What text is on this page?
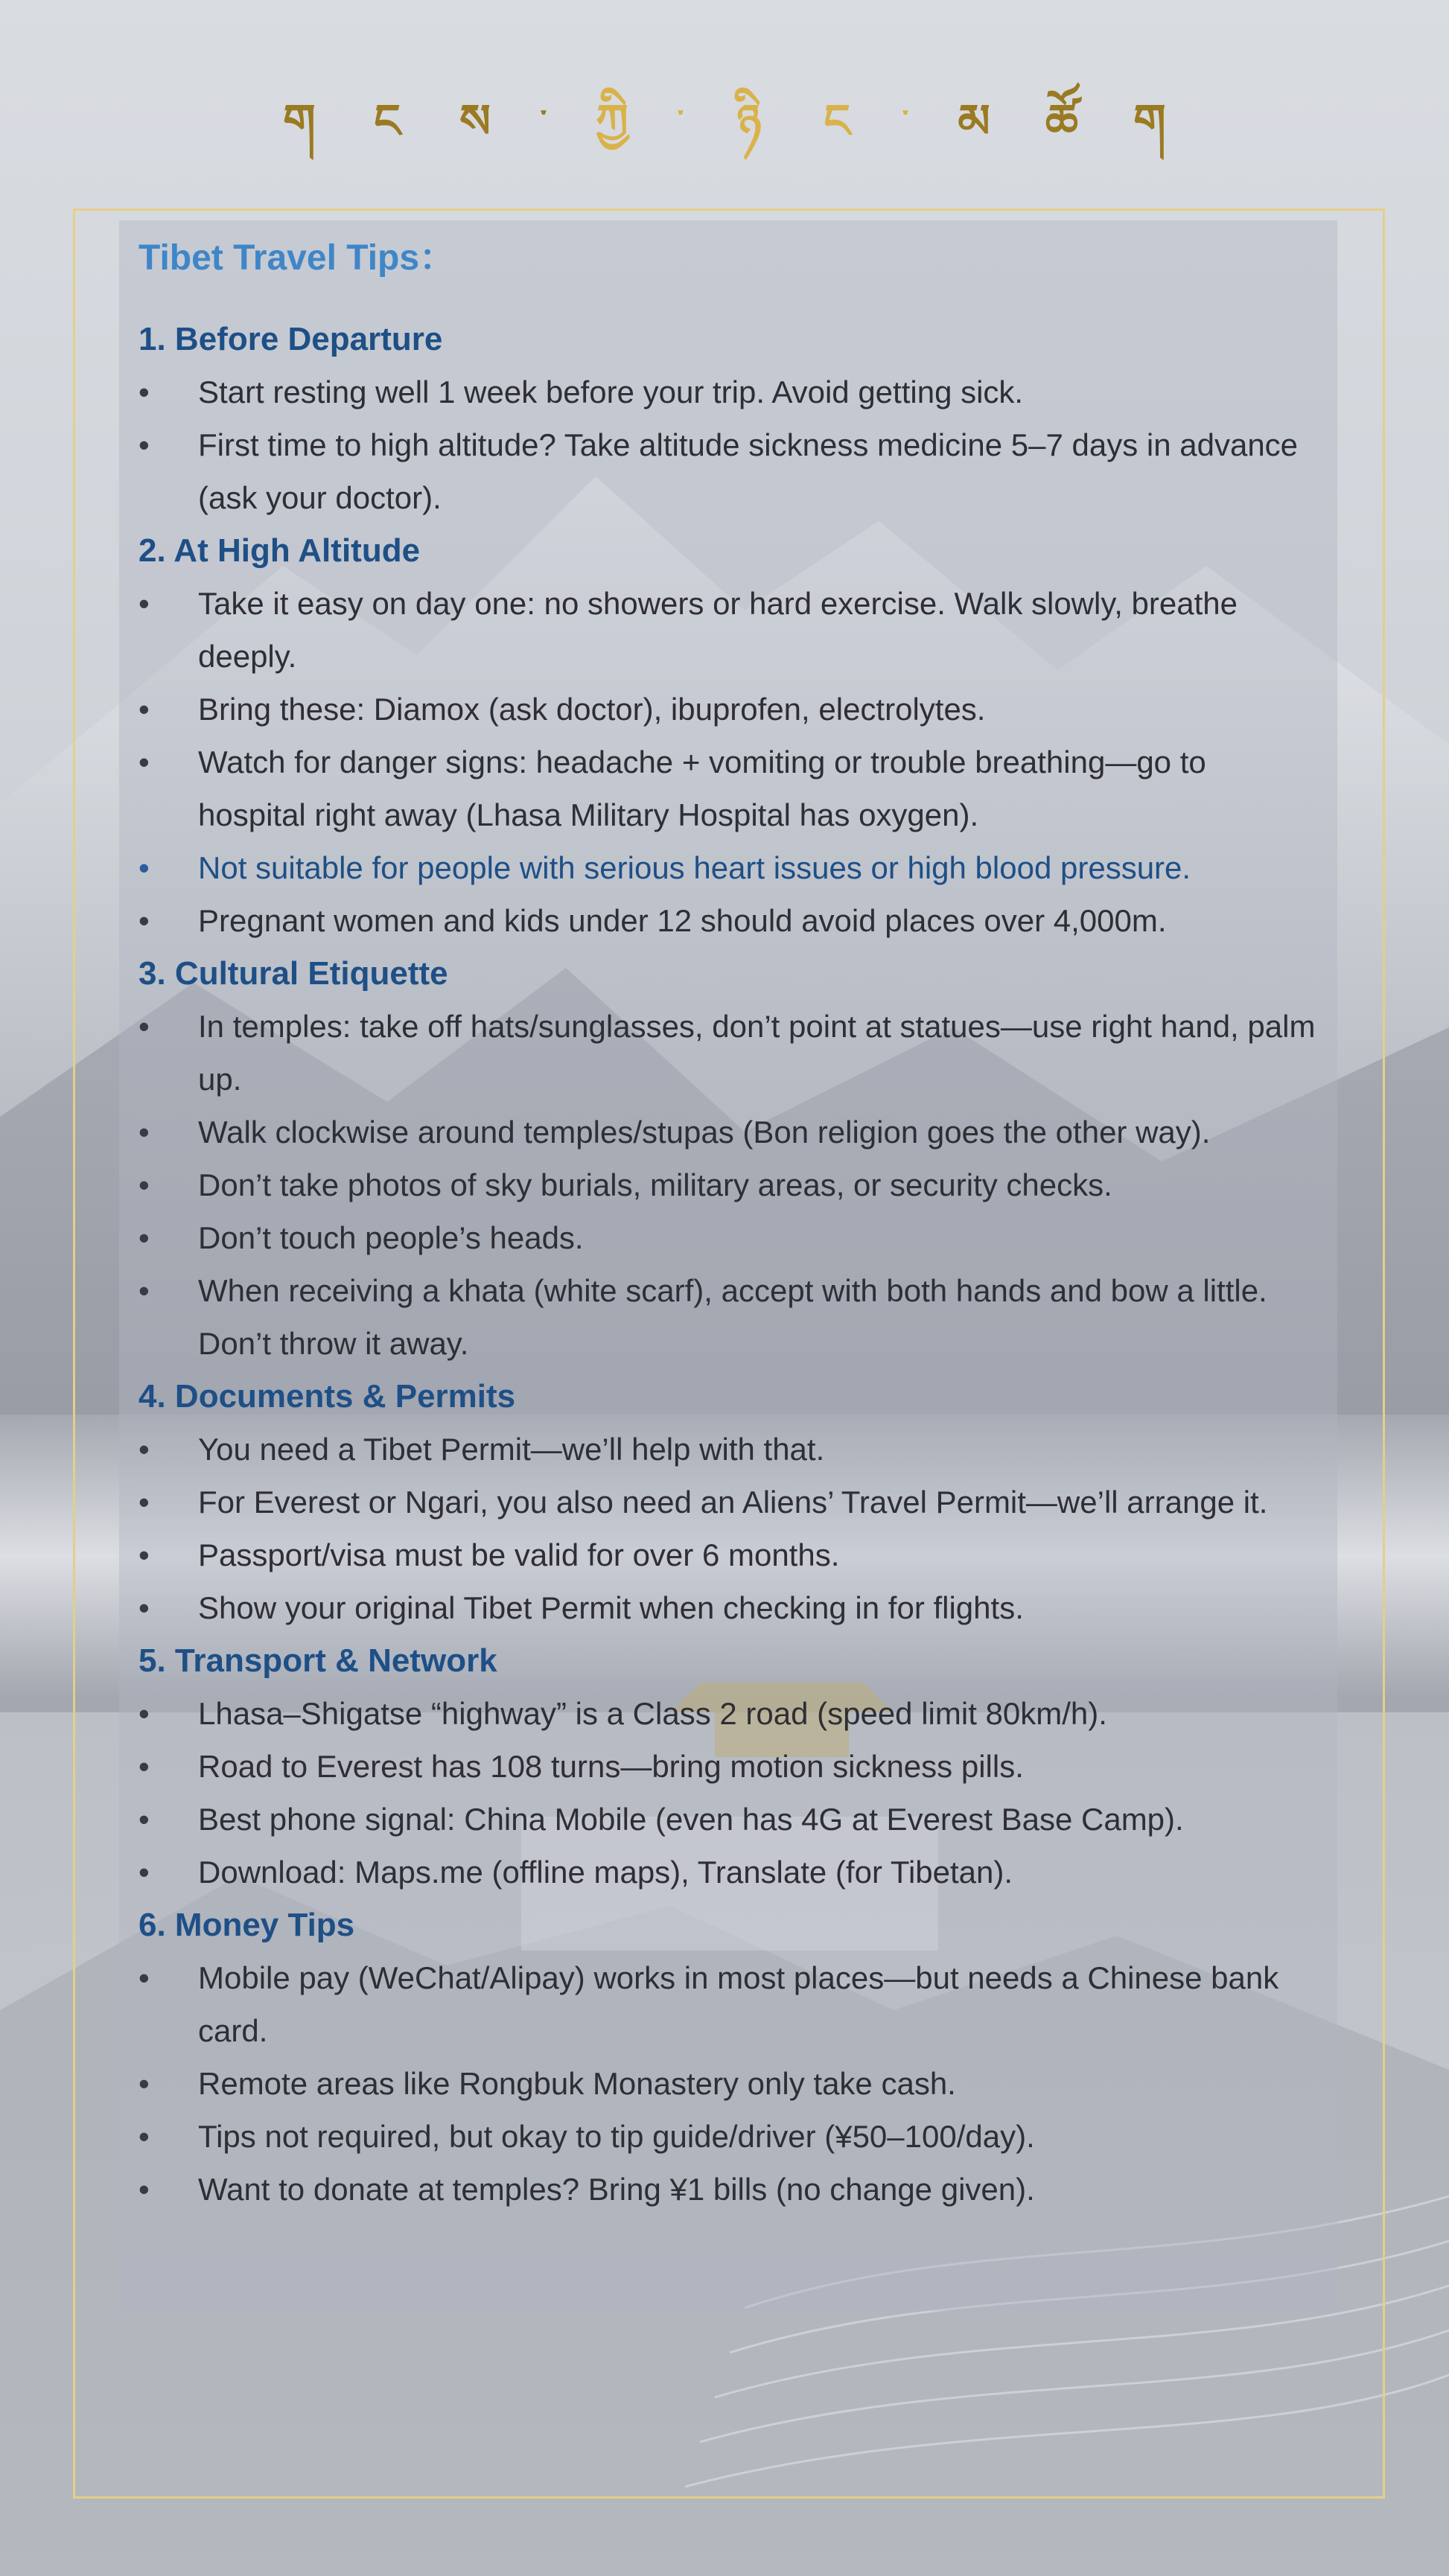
ག	ང	ས	་	ཀྱི	་	ཉི	ང	་	མ	ཚོ	ག
Tibet Travel Tips：
1. Before Departure
•	Start resting well 1 week before your trip. Avoid getting sick.
•	First time to high altitude? Take altitude sickness medicine 5–7 days in advance (ask your doctor).
2. At High Altitude
•	Take it easy on day one: no showers or hard exercise. Walk slowly, breathe deeply.
•	Bring these: Diamox (ask doctor), ibuprofen, electrolytes.
•	Watch for danger signs: headache + vomiting or trouble breathing—go to hospital right away (Lhasa Military Hospital has oxygen).
•	Not suitable for people with serious heart issues or high blood pressure.
•	Pregnant women and kids under 12 should avoid places over 4,000m.
3. Cultural Etiquette
•	In temples: take off hats/sunglasses, don’t point at statues—use right hand, palm up.
•	Walk clockwise around temples/stupas (Bon religion goes the other way).
•	Don’t take photos of sky burials, military areas, or security checks.
•	Don’t touch people’s heads.
•	When receiving a khata (white scarf), accept with both hands and bow a little. Don’t throw it away.
4. Documents & Permits
•	You need a Tibet Permit—we’ll help with that.
•	For Everest or Ngari, you also need an Aliens’ Travel Permit—we’ll arrange it.
•	Passport/visa must be valid for over 6 months.
•	Show your original Tibet Permit when checking in for flights.
5. Transport & Network
•	Lhasa–Shigatse “highway” is a Class 2 road (speed limit 80km/h).
•	Road to Everest has 108 turns—bring motion sickness pills.
•	Best phone signal: China Mobile (even has 4G at Everest Base Camp).
•	Download: Maps.me (offline maps), Translate (for Tibetan).
6. Money Tips
•	Mobile pay (WeChat/Alipay) works in most places—but needs a Chinese bank card.
•	Remote areas like Rongbuk Monastery only take cash.
•	Tips not required, but okay to tip guide/driver (¥50–100/day).
•	Want to donate at temples? Bring ¥1 bills (no change given).
